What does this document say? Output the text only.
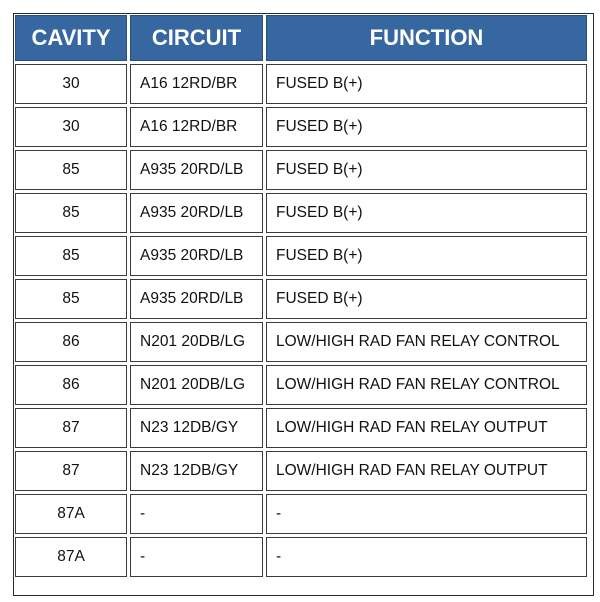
CAVITY	CIRCUIT	FUNCTION
30	A16 12RD/BR	FUSED B(+)
30	A16 12RD/BR	FUSED B(+)
85	A935 20RD/LB	FUSED B(+)
85	A935 20RD/LB	FUSED B(+)
85	A935 20RD/LB	FUSED B(+)
85	A935 20RD/LB	FUSED B(+)
86	N201 20DB/LG	LOW/HIGH RAD FAN RELAY CONTROL
86	N201 20DB/LG	LOW/HIGH RAD FAN RELAY CONTROL
87	N23 12DB/GY	LOW/HIGH RAD FAN RELAY OUTPUT
87	N23 12DB/GY	LOW/HIGH RAD FAN RELAY OUTPUT
87A	-	-
87A	-	-
